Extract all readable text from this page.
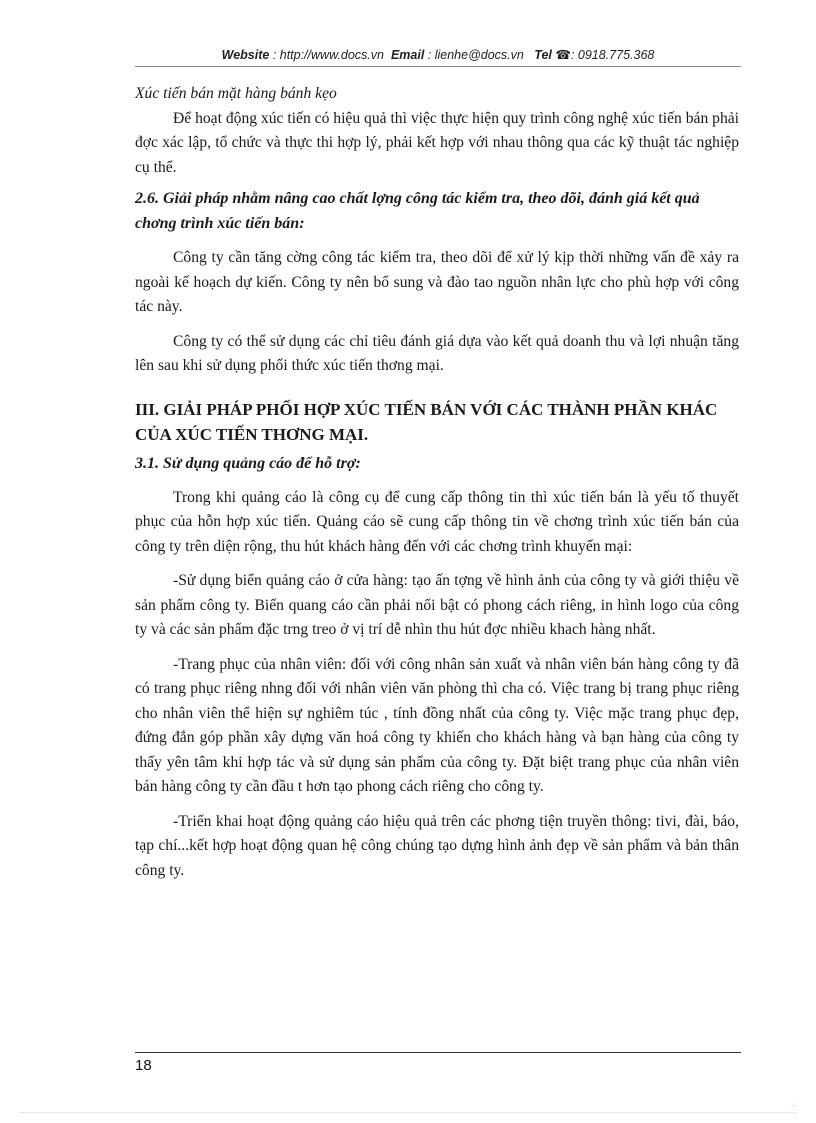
Website : http://www.docs.vn Email : lienhe@docs.vn Tel ☎: 0918.775.368

Xúc tiến bán mặt hàng bánh kẹo

Để hoạt động xúc tiến có hiệu quả thì việc thực hiện quy trình công nghệ xúc tiến bán phải đợc xác lập, tổ chức và thực thi hợp lý, phải kết hợp với nhau thông qua các kỹ thuật tác nghiệp cụ thể.

2.6. Giải pháp nhằm nâng cao chất lợng công tác kiểm tra, theo dõi, đánh giá kết quả chơng trình xúc tiến bán:

Công ty cần tăng cờng công tác kiểm tra, theo dõi để xử lý kịp thời những vấn đề xảy ra ngoài kế hoạch dự kiến. Công ty nên bổ sung và đào tao nguồn nhân lực cho phù hợp với công tác này.

Công ty có thể sử dụng các chỉ tiêu đánh giá dựa vào kết quả doanh thu và lợi nhuận tăng lên sau khi sử dụng phối thức xúc tiến thơng mại.

III. GIẢI PHÁP PHỐI HỢP XÚC TIẾN BÁN VỚI CÁC THÀNH PHẦN KHÁC CỦA XÚC TIẾN THƠNG MẠI.

3.1. Sử dụng quảng cáo để hỗ trợ:

Trong khi quảng cáo là công cụ để cung cấp thông tin thì xúc tiến bán là yếu tố thuyết phục của hỗn hợp xúc tiến. Quảng cáo sẽ cung cấp thông tin về chơng trình xúc tiến bán của công ty trên diện rộng, thu hút khách hàng đến với các chơng trình khuyến mại:

-Sử dụng biển quảng cáo ở cửa hàng: tạo ấn tợng về hình ảnh của công ty và giới thiệu về sản phẩm công ty. Biển quang cáo cần phải nổi bật có phong cách riêng, in hình logo của công ty và các sản phẩm đặc trng treo ở vị trí dễ nhìn thu hút đợc nhiều khach hàng nhất.

-Trang phục của nhân viên: đối với công nhân sản xuất và nhân viên bán hàng công ty đã có trang phục riêng nhng đối với nhân viên văn phòng thì cha có. Việc trang bị trang phục riêng cho nhân viên thể hiện sự nghiêm túc , tính đồng nhất của công ty. Việc mặc trang phục đẹp, đứng đắn góp phần xây dựng văn hoá công ty khiến cho khách hàng và bạn hàng của công ty thấy yên tâm khi hợp tác và sử dụng sản phẩm của công ty. Đặt biệt trang phục của nhân viên bán hàng công ty cần đầu t hơn tạo phong cách riêng cho công ty.

-Triển khai hoạt động quảng cáo hiệu quả trên các phơng tiện truyền thông: tivi, đài, báo, tạp chí...kết hợp hoạt động quan hệ công chúng tạo dựng hình ảnh đẹp về sản phẩm và bản thân công ty.

18
+
